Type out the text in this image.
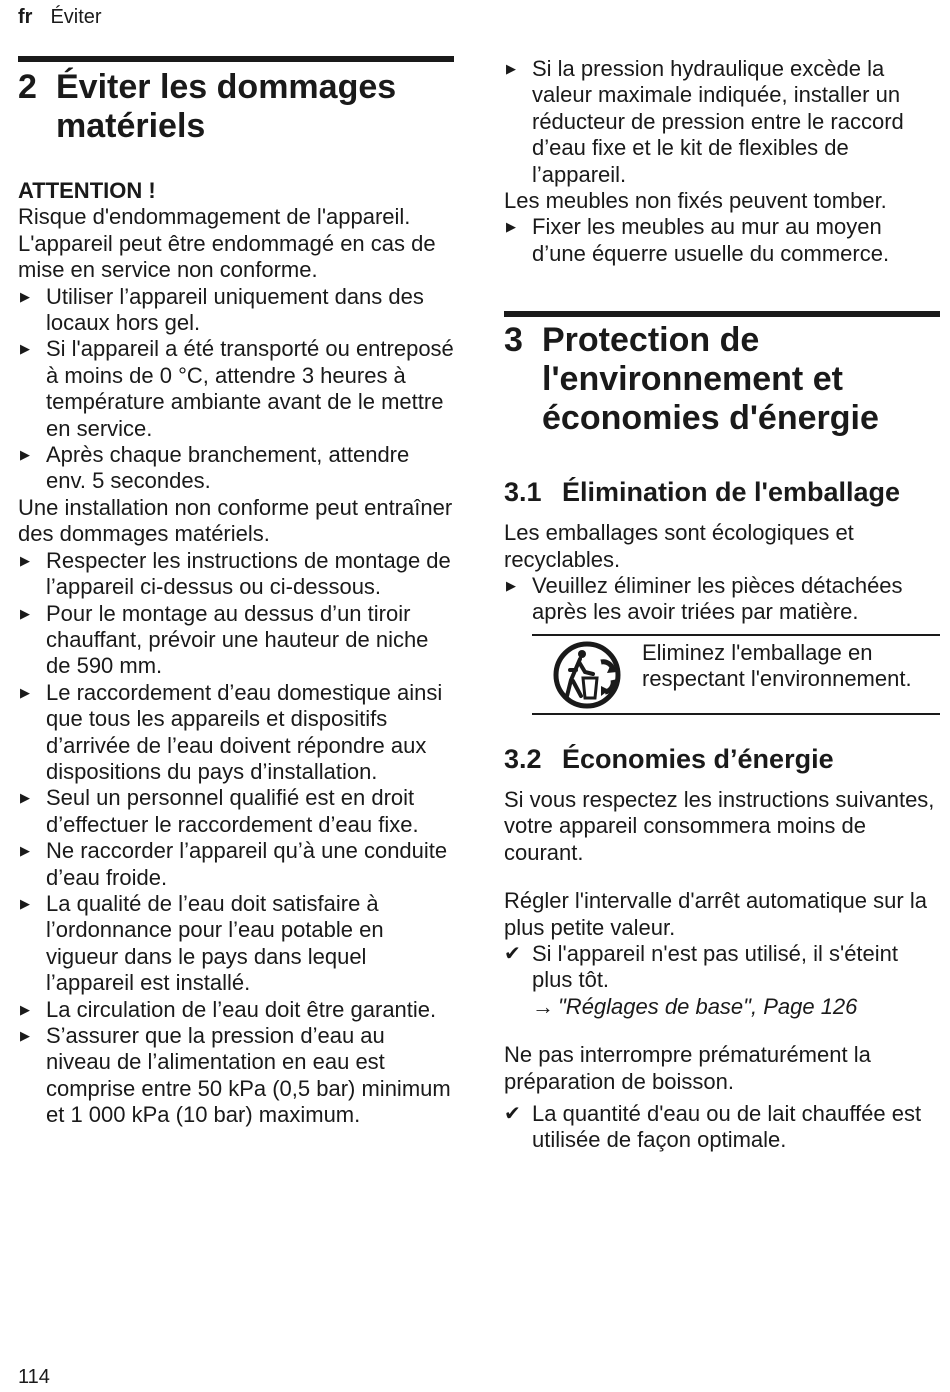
fr Éviter
2 Éviter les dommages matériels
ATTENTION !

Risque d'endommagement de l'appareil. L'appareil peut être endommagé en cas de mise en service non conforme.

▶ Utiliser l’appareil uniquement dans des locaux hors gel.
▶ Si l'appareil a été transporté ou entreposé à moins de 0 °C, attendre 3 heures à température ambiante avant de le mettre en service.
▶ Après chaque branchement, attendre env. 5 secondes.

Une installation non conforme peut entraîner des dommages matériels.

▶ Respecter les instructions de montage de l’appareil ci-dessus ou ci-dessous.
▶ Pour le montage au dessus d’un tiroir chauffant, prévoir une hauteur de niche de 590 mm.
▶ Le raccordement d’eau domestique ainsi que tous les appareils et dispositifs d’arrivée de l’eau doivent répondre aux dispositions du pays d’installation.
▶ Seul un personnel qualifié est en droit d’effectuer le raccordement d’eau fixe.
▶ Ne raccorder l’appareil qu’à une conduite d’eau froide.
▶ La qualité de l’eau doit satisfaire à l’ordonnance pour l’eau potable en vigueur dans le pays dans lequel l’appareil est installé.
▶ La circulation de l’eau doit être garantie.
▶ S’assurer que la pression d’eau au niveau de l’alimentation en eau est comprise entre 50 kPa (0,5 bar) minimum et 1 000 kPa (10 bar) maximum.
▶ Si la pression hydraulique excède la valeur maximale indiquée, installer un réducteur de pression entre le raccord d’eau fixe et le kit de flexibles de l’appareil.

Les meubles non fixés peuvent tomber.

▶ Fixer les meubles au mur au moyen d’une équerre usuelle du commerce.
3 Protection de l'environnement et économies d'énergie
3.1 Élimination de l'emballage

Les emballages sont écologiques et recyclables.

▶ Veuillez éliminer les pièces détachées après les avoir triées par matière.
Eliminez l'emballage en respectant l'environnement.
3.2 Économies d’énergie

Si vous respectez les instructions suivantes, votre appareil consommera moins de courant.

Régler l'intervalle d'arrêt automatique sur la plus petite valeur.

✔ Si l'appareil n'est pas utilisé, il s'éteint plus tôt.
→ "Réglages de base", Page 126

Ne pas interrompre prématurément la préparation de boisson.

✔ La quantité d'eau ou de lait chauffée est utilisée de façon optimale.
114
